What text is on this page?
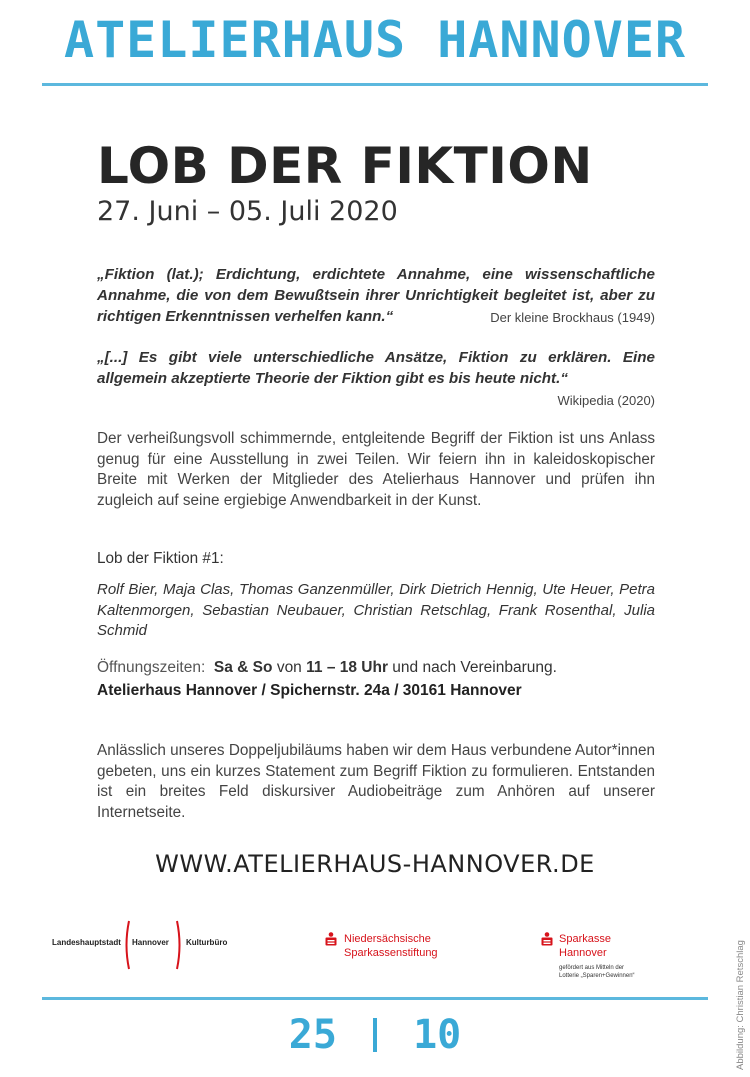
ATELIERHAUS HANNOVER
LOB DER FIKTION
27. Juni – 05. Juli 2020
„Fiktion (lat.); Erdichtung, erdichtete Annahme, eine wissenschaftliche Annahme, die von dem Bewußtsein ihrer Unrichtigkeit begleitet ist, aber zu richtigen Erkenntnissen verhelfen kann.“	Der kleine Brockhaus (1949)
„[...] Es gibt viele unterschiedliche Ansätze, Fiktion zu erklären. Eine allgemein akzeptierte Theorie der Fiktion gibt es bis heute nicht.“
Wikipedia (2020)
Der verheißungsvoll schimmernde, entgleitende Begriff der Fiktion ist uns Anlass genug für eine Ausstellung in zwei Teilen. Wir feiern ihn in kaleidoskopischer Breite mit Werken der Mitglieder des Atelierhaus Hannover und prüfen ihn zugleich auf seine ergiebige Anwendbarkeit in der Kunst.
Lob der Fiktion #1:
Rolf Bier, Maja Clas, Thomas Ganzenmüller, Dirk Dietrich Hennig, Ute Heuer, Petra Kaltenmorgen, Sebastian Neubauer, Christian Retschlag, Frank Rosenthal, Julia Schmid
Öffnungszeiten: Sa & So von 11 – 18 Uhr und nach Vereinbarung.
Atelierhaus Hannover / Spichernstr. 24a / 30161 Hannover
Anlässlich unseres Doppeljubiläums haben wir dem Haus verbundene Autor*innen gebeten, uns ein kurzes Statement zum Begriff Fiktion zu formulieren. Entstanden ist ein breites Feld diskursiver Audiobeiträge zum Anhören auf unserer Internetseite.
WWW.ATELIERHAUS-HANNOVER.DE
Landeshauptstadt Hannover Kulturbüro	Niedersächsische
Sparkassenstiftung
Sparkasse
Hannover
gefördert aus Mitteln der
Lotterie „Sparen+Gewinnen“
25 10	Abbildung: Christian Retschlag
